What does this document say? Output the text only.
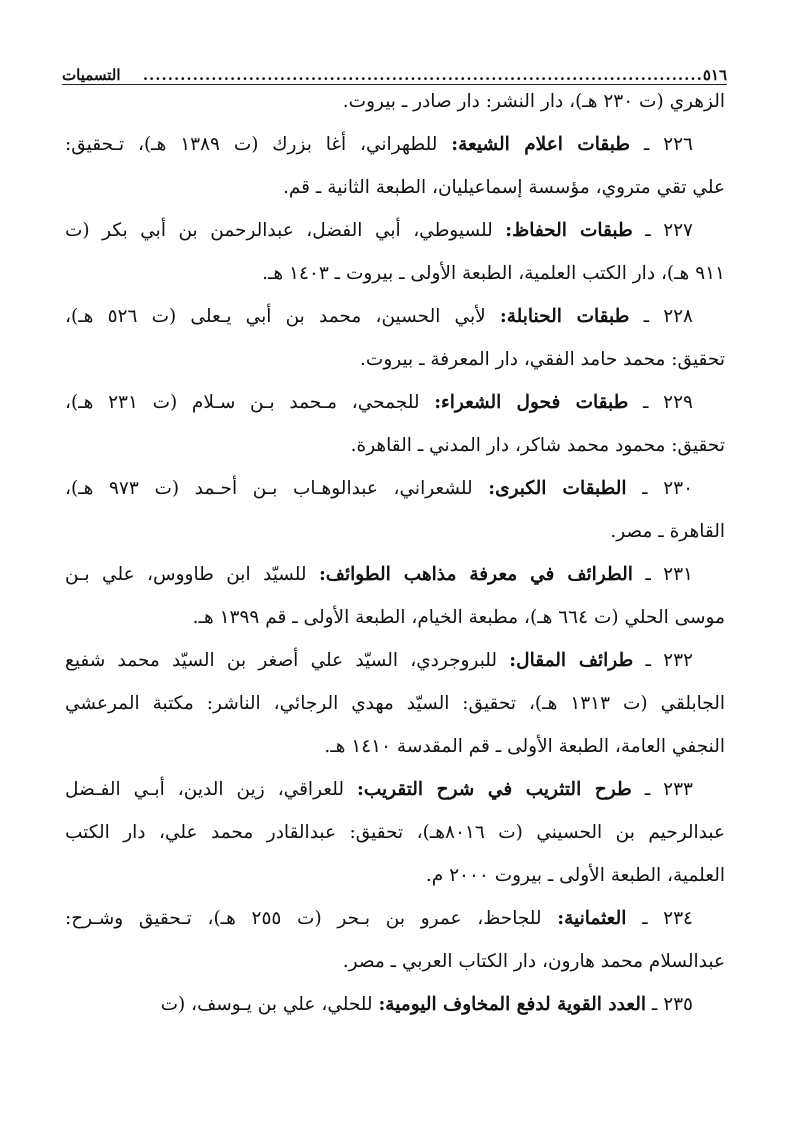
٥١٦
..........................................................................................
التسميات
الزهري (ت ٢٣٠ هـ)، دار النشر: دار صادر ـ بيروت.
٢٢٦ ـ طبقات اعلام الشيعة: للطهراني، أغا بزرك (ت ١٣٨٩ هـ)، تـحقيق:
علي تقي متروي، مؤسسة إسماعيليان، الطبعة الثانية ـ قم.
٢٢٧ ـ طبقات الحفاظ: للسيوطي، أبي الفضل، عبدالرحمن بن أبي بكر (ت
٩١١ هـ)، دار الكتب العلمية، الطبعة الأولى ـ بيروت ـ ١٤٠٣ هـ.
٢٢٨ ـ طبقات الحنابلة: لأبي الحسين، محمد بن أبي يـعلى (ت ٥٢٦ هـ)،
تحقيق: محمد حامد الفقي، دار المعرفة ـ بيروت.
٢٢٩ ـ طبقات فحول الشعراء: للجمحي، مـحمد بـن سـلام (ت ٢٣١ هـ)،
تحقيق: محمود محمد شاكر، دار المدني ـ القاهرة.
٢٣٠ ـ الطبقات الكبرى: للشعراني، عبدالوهـاب بـن أحـمد (ت ٩٧٣ هـ)،
القاهرة ـ مصر.
٢٣١ ـ الطرائف في معرفة مذاهب الطوائف: للسيّد ابن طاووس، علي بـن
موسى الحلي (ت ٦٦٤ هـ)، مطبعة الخيام، الطبعة الأولى ـ قم ١٣٩٩ هـ.
٢٣٢ ـ طرائف المقال: للبروجردي، السيّد علي أصغر بن السيّد محمد شفيع
الجابلقي (ت ١٣١٣ هـ)، تحقيق: السيّد مهدي الرجائي، الناشر: مكتبة المرعشي
النجفي العامة، الطبعة الأولى ـ قم المقدسة ١٤١٠ هـ.
٢٣٣ ـ طرح التثريب في شرح التقريب: للعراقي، زين الدين، أبـي الفـضل
عبدالرحيم بن الحسيني (ت ٨٠١٦هـ)، تحقيق: عبدالقادر محمد علي، دار الكتب
العلمية، الطبعة الأولى ـ بيروت ٢٠٠٠ م.
٢٣٤ ـ العثمانية: للجاحظ، عمرو بن بـحر (ت ٢٥٥ هـ)، تـحقيق وشـرح:
عبدالسلام محمد هارون، دار الكتاب العربي ـ مصر.
٢٣٥ ـ العدد القوية لدفع المخاوف اليومية: للحلي، علي بن يـوسف، (ت
